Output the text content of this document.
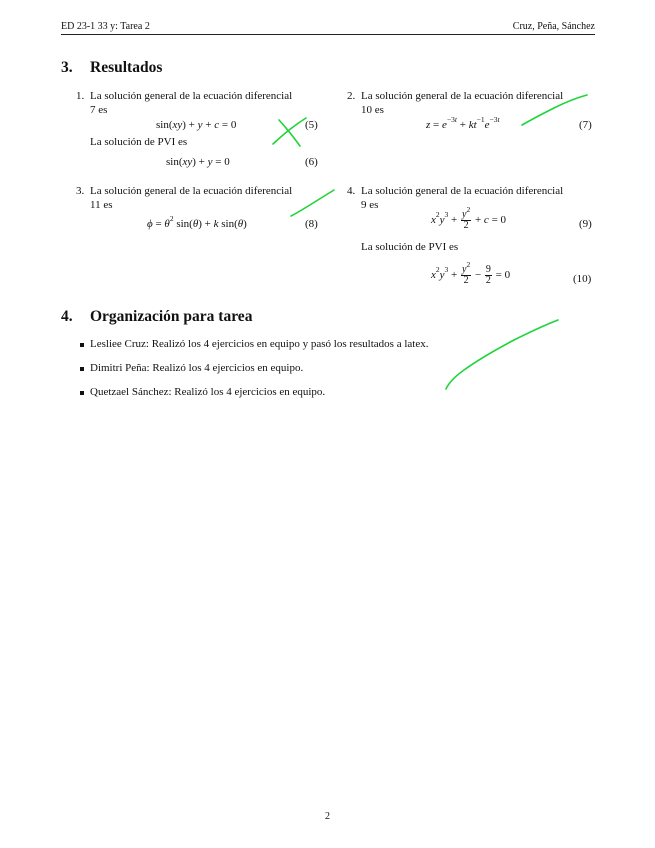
ED 23-1 33 y: Tarea 2	Cruz, Peña, Sánchez
3. Resultados
1. La solución general de la ecuación diferencial
7 es
sin(xy) + y + c = 0	(5)
La solución de PVI es
sin(xy) + y = 0	(6)
2. La solución general de la ecuación diferencial
10 es
$z = e^{-3t} + kt^{-1}e^{-3t}$	(7)
3. La solución general de la ecuación diferencial
11 es
$\phi = \theta^2$ sin(θ) + k sin(θ)	(8)
4. La solución general de la ecuación diferencial
9 es
$x^2y^3 + \frac{y^2}{2} + c = 0$	(9)
La solución de PVI es
$x^2y^3 + \frac{y^2}{2} - \frac{9}{2} = 0$	(10)
4. Organización para tarea
Lesliee Cruz: Realizó los 4 ejercicios en equipo y pasó los resultados a latex.
Dimitri Peña: Realizó los 4 ejercicios en equipo.
Quetzael Sánchez: Realizó los 4 ejercicios en equipo.
2
